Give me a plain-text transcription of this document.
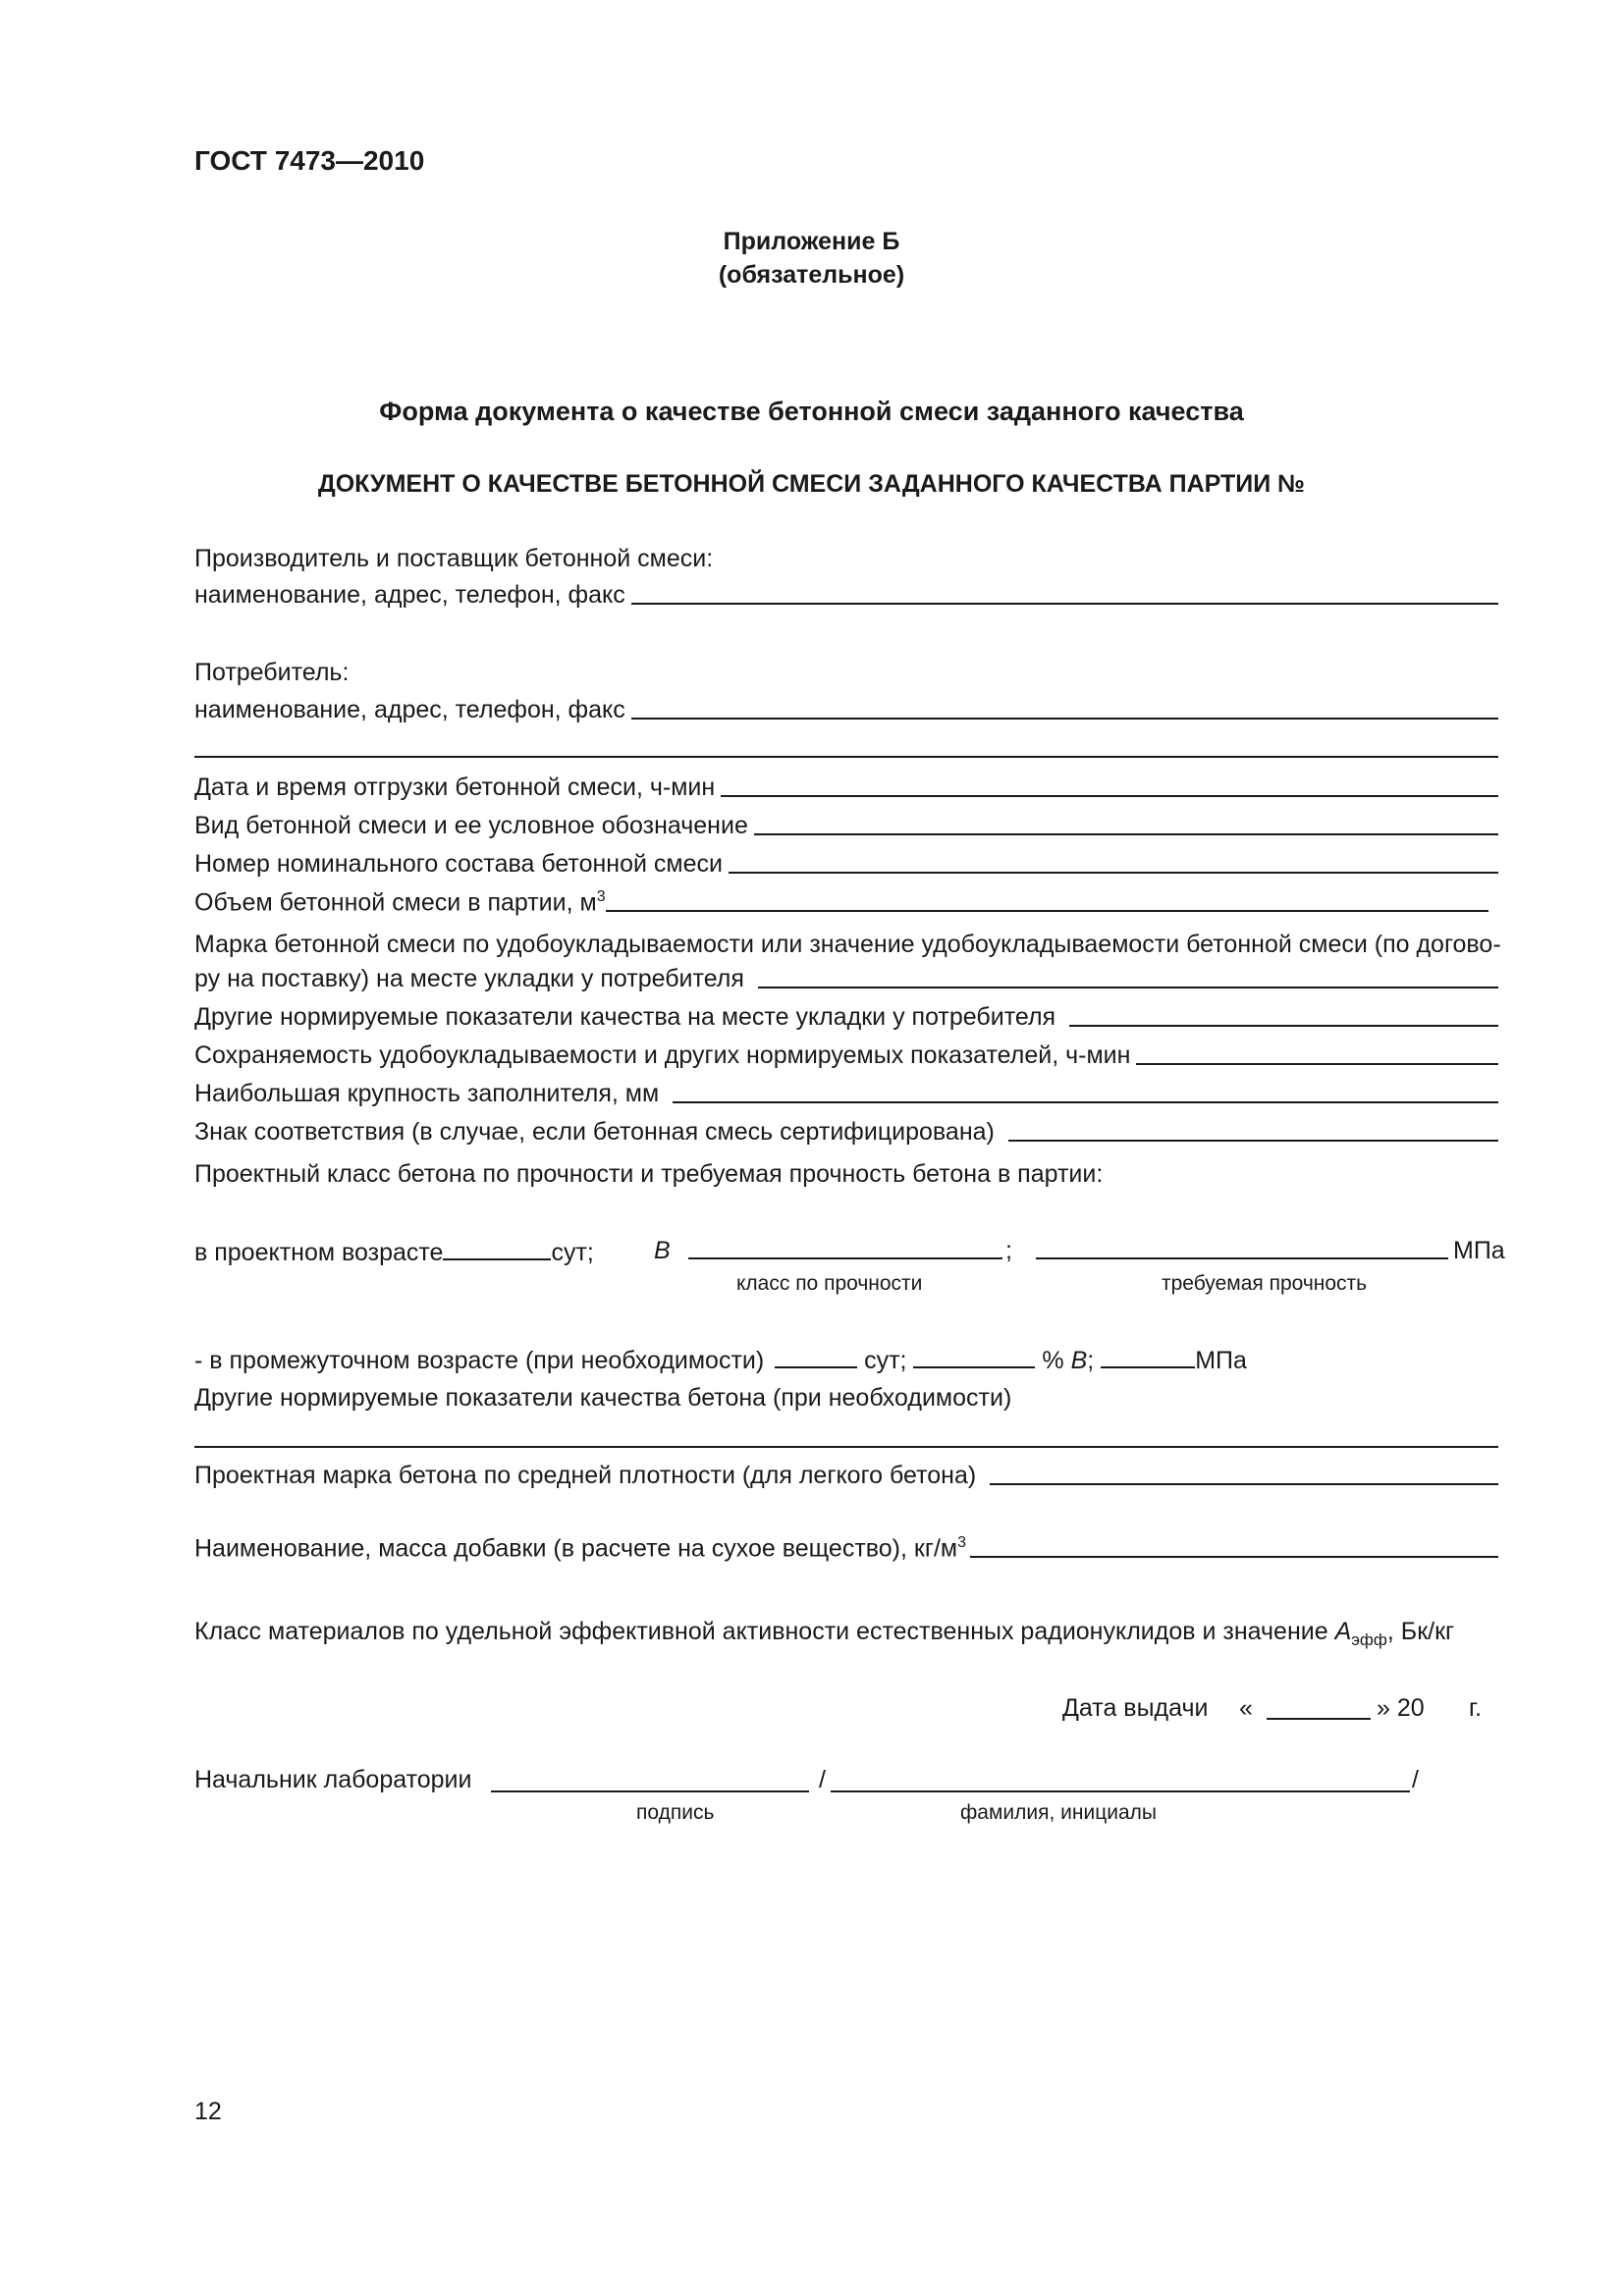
ГОСТ 7473—2010
Приложение Б
(обязательное)
Форма документа о качестве бетонной смеси заданного качества
ДОКУМЕНТ О КАЧЕСТВЕ БЕТОННОЙ СМЕСИ ЗАДАННОГО КАЧЕСТВА ПАРТИИ №
Производитель и поставщик бетонной смеси:
наименование, адрес, телефон, факс
Потребитель:
наименование, адрес, телефон, факс
Дата и время отгрузки бетонной смеси, ч-мин
Вид бетонной смеси и ее условное обозначение
Номер номинального состава бетонной смеси
Объем бетонной смеси в партии, $м^3$
Марка бетонной смеси по удобоукладываемости или значение удобоукладываемости бетонной смеси (по догово-
ру на поставку) на месте укладки у потребителя
Другие нормируемые показатели качества на месте укладки у потребителя
Сохраняемость удобоукладываемости и других нормируемых показателей, ч-мин
Наибольшая крупность заполнителя, мм
Знак соответствия (в случае, если бетонная смесь сертифицирована)
Проектный класс бетона по прочности и требуемая прочность бетона в партии:
в проектном возрасте	сут; B	;	МПа
класс по прочности	требуемая прочность
- в промежуточном возрасте (при необходимости)	сут;	% B;	МПа
Другие нормируемые показатели качества бетона (при необходимости)
Проектная марка бетона по средней плотности (для легкого бетона)
Наименование, масса добавки (в расчете на сухое вещество), $кг/м^3$
Класс материалов по удельной эффективной активности естественных радионуклидов и значение $A_{эфф}$, Бк/кг
Дата выдачи «	» 20 г.
Начальник лаборатории	/	/
подпись	фамилия, инициалы
12
